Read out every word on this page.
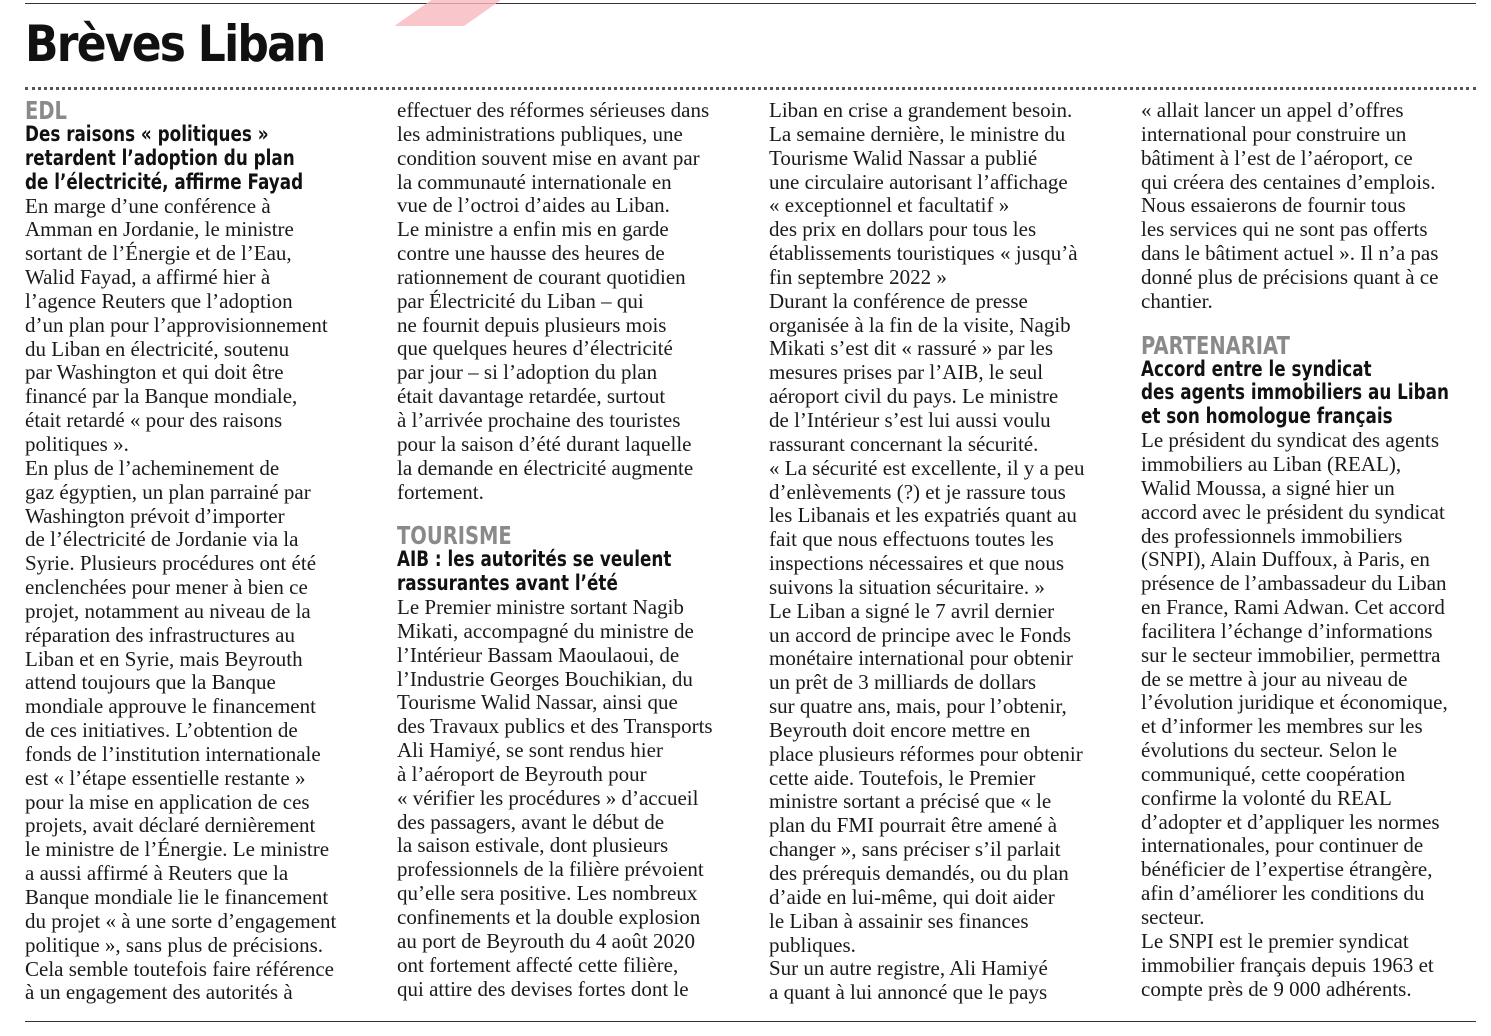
Brèves Liban
EDL
Des raisons « politiques »
retardent l’adoption du plan
de l’électricité, affirme Fayad

En marge d’une conférence à

Amman en Jordanie, le ministre

sortant de l’Énergie et de l’Eau,

Walid Fayad, a affirmé hier à

l’agence Reuters que l’adoption

d’un plan pour l’approvisionnement

du Liban en électricité, soutenu

par Washington et qui doit être

financé par la Banque mondiale,

était retardé « pour des raisons

politiques ».

En plus de l’acheminement de

gaz égyptien, un plan parrainé par

Washington prévoit d’importer

de l’électricité de Jordanie via la

Syrie. Plusieurs procédures ont été

enclenchées pour mener à bien ce

projet, notamment au niveau de la

réparation des infrastructures au

Liban et en Syrie, mais Beyrouth

attend toujours que la Banque

mondiale approuve le financement

de ces initiatives. L’obtention de

fonds de l’institution internationale

est « l’étape essentielle restante »

pour la mise en application de ces

projets, avait déclaré dernièrement

le ministre de l’Énergie. Le ministre

a aussi affirmé à Reuters que la

Banque mondiale lie le financement

du projet « à une sorte d’engagement

politique », sans plus de précisions.

Cela semble toutefois faire référence

à un engagement des autorités à

effectuer des réformes sérieuses dans

les administrations publiques, une

condition souvent mise en avant par

la communauté internationale en

vue de l’octroi d’aides au Liban.

Le ministre a enfin mis en garde

contre une hausse des heures de

rationnement de courant quotidien

par Électricité du Liban – qui

ne fournit depuis plusieurs mois

que quelques heures d’électricité

par jour – si l’adoption du plan

était davantage retardée, surtout

à l’arrivée prochaine des touristes

pour la saison d’été durant laquelle

la demande en électricité augmente

fortement.

TOURISME
AIB : les autorités se veulent
rassurantes avant l’été

Le Premier ministre sortant Nagib

Mikati, accompagné du ministre de

l’Intérieur Bassam Maoulaoui, de

l’Industrie Georges Bouchikian, du

Tourisme Walid Nassar, ainsi que

des Travaux publics et des Transports

Ali Hamiyé, se sont rendus hier

à l’aéroport de Beyrouth pour

« vérifier les procédures » d’accueil

des passagers, avant le début de

la saison estivale, dont plusieurs

professionnels de la filière prévoient

qu’elle sera positive. Les nombreux

confinements et la double explosion

au port de Beyrouth du 4 août 2020

ont fortement affecté cette filière,

qui attire des devises fortes dont le

Liban en crise a grandement besoin.

La semaine dernière, le ministre du

Tourisme Walid Nassar a publié

une circulaire autorisant l’affichage

« exceptionnel et facultatif »

des prix en dollars pour tous les

établissements touristiques « jusqu’à

fin septembre 2022 »

Durant la conférence de presse

organisée à la fin de la visite, Nagib

Mikati s’est dit « rassuré » par les

mesures prises par l’AIB, le seul

aéroport civil du pays. Le ministre

de l’Intérieur s’est lui aussi voulu

rassurant concernant la sécurité.

« La sécurité est excellente, il y a peu

d’enlèvements (?) et je rassure tous

les Libanais et les expatriés quant au

fait que nous effectuons toutes les

inspections nécessaires et que nous

suivons la situation sécuritaire. »

Le Liban a signé le 7 avril dernier

un accord de principe avec le Fonds

monétaire international pour obtenir

un prêt de 3 milliards de dollars

sur quatre ans, mais, pour l’obtenir,

Beyrouth doit encore mettre en

place plusieurs réformes pour obtenir

cette aide. Toutefois, le Premier

ministre sortant a précisé que « le

plan du FMI pourrait être amené à

changer », sans préciser s’il parlait

des prérequis demandés, ou du plan

d’aide en lui-même, qui doit aider

le Liban à assainir ses finances

publiques.

Sur un autre registre, Ali Hamiyé

a quant à lui annoncé que le pays

« allait lancer un appel d’offres

international pour construire un

bâtiment à l’est de l’aéroport, ce

qui créera des centaines d’emplois.

Nous essaierons de fournir tous

les services qui ne sont pas offerts

dans le bâtiment actuel ». Il n’a pas

donné plus de précisions quant à ce

chantier.

PARTENARIAT
Accord entre le syndicat
des agents immobiliers au Liban
et son homologue français

Le président du syndicat des agents

immobiliers au Liban (REAL),

Walid Moussa, a signé hier un

accord avec le président du syndicat

des professionnels immobiliers

(SNPI), Alain Duffoux, à Paris, en

présence de l’ambassadeur du Liban

en France, Rami Adwan. Cet accord

facilitera l’échange d’informations

sur le secteur immobilier, permettra

de se mettre à jour au niveau de

l’évolution juridique et économique,

et d’informer les membres sur les

évolutions du secteur. Selon le

communiqué, cette coopération

confirme la volonté du REAL

d’adopter et d’appliquer les normes

internationales, pour continuer de

bénéficier de l’expertise étrangère,

afin d’améliorer les conditions du

secteur.

Le SNPI est le premier syndicat

immobilier français depuis 1963 et

compte près de 9 000 adhérents.
